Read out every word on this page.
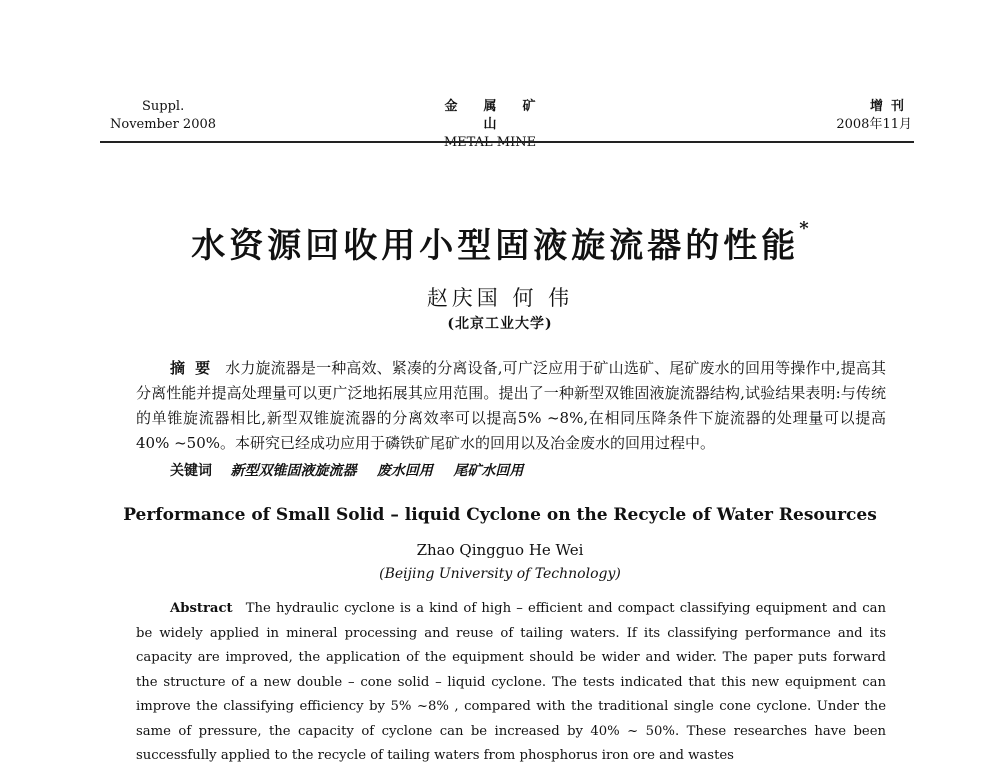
Suppl.
November 2008
金属矿山
增刊
2008年11月
水资源回收用小型固液旋流器的性能*
赵庆国 何 伟
(北京工业大学)
摘要 水力旋流器是一种高效、紧凑的分离设备,可广泛应用于矿山选矿、尾矿废水的回用等操作中,提高其分离性能并提高处理量可以更广泛地拓展其应用范围。提出了一种新型双锥固液旋流器结构,试验结果表明:与传统的单锥旋流器相比,新型双锥旋流器的分离效率可以提高5% ~8%,在相同压降条件下旋流器的处理量可以提高40% ~50%。本研究已经成功应用于磷铁矿尾矿水的回用以及冶金废水的回用过程中。
关键词 新型双锥固液旋流器 废水回用 尾矿水回用
Performance of Small Solid – liquid Cyclone on the Recycle of Water Resources
Zhao Qingguo He Wei
(Beijing University of Technology)
Abstract The hydraulic cyclone is a kind of high – efficient and compact classifying equipment and can be widely applied in mineral processing and reuse of tailing waters. If its classifying performance and its capacity are improved, the application of the equipment should be wider and wider. The paper puts forward the structure of a new double – cone solid – liquid cyclone. The tests indicated that this new equipment can improve the classifying efficiency by 5% ~8% , compared with the traditional single cone cyclone. Under the same of pressure, the capacity of cyclone can be increased by 40% ~ 50%. These researches have been successfully applied to the recycle of tailing waters from phosphorus iron ore and wastes
